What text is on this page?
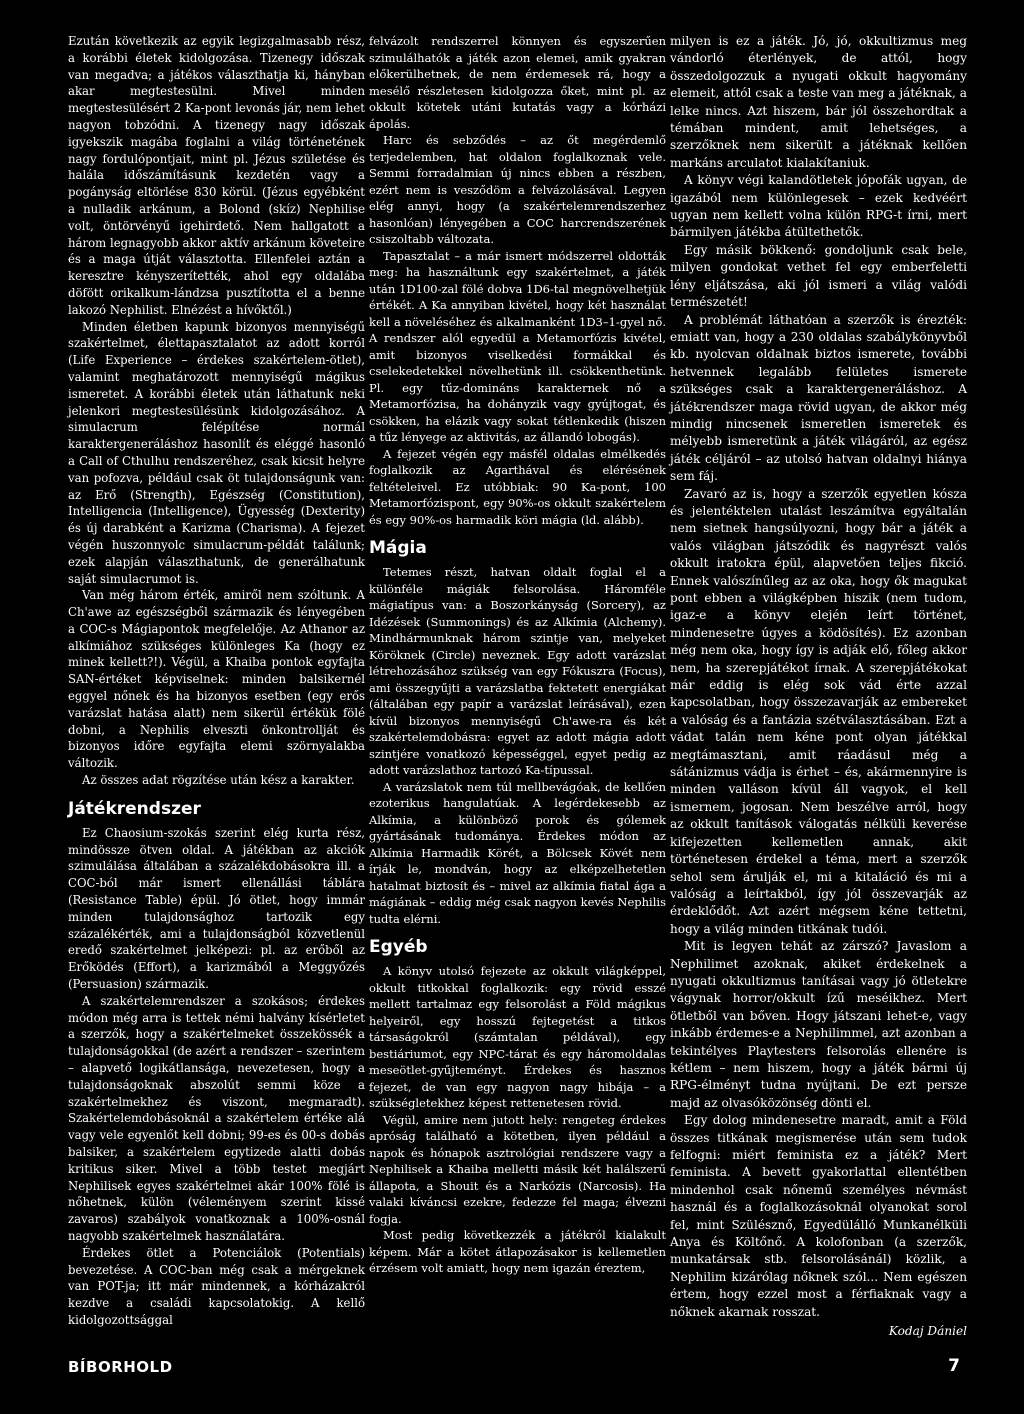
Ezután következik az egyik legizgalmasabb rész, a korábbi életek kidolgozása. Tizenegy időszak van megadva; a játékos választhatja ki, hányban akar megtestesülni. Mivel minden megtestesülésért 2 Ka-pont levonás jár, nem lehet nagyon tobzódni. A tizenegy nagy időszak igyekszik magába foglalni a világ történetének nagy fordulópontjait, mint pl. Jézus születése és halála időszámításunk kezdetén vagy a pogányság eltörlése 830 körül. (Jézus egyébként a nulladik arkánum, a Bolond (skíz) Nephilise volt, öntörvényű igehirdető. Nem hallgatott a három legnagyobb akkor aktív arkánum követeire és a maga útját választotta. Ellenfelei aztán a keresztre kényszerítették, ahol egy oldalába döfött orikalkum-lándzsa pusztította el a benne lakozó Nephilist. Elnézést a hívőktől.)

Minden életben kapunk bizonyos mennyiségű szakértelmet, élettapasztalatot az adott korról (Life Experience – érdekes szakértelem-ötlet), valamint meghatározott mennyiségű mágikus ismeretet. A korábbi életek után láthatunk neki jelenkori megtestesülésünk kidolgozásához. A simulacrum felépítése normál karaktergeneráláshoz hasonlít és eléggé hasonló a Call of Cthulhu rendszeréhez, csak kicsit helyre van pofozva, például csak öt tulajdonságunk van: az Erő (Strength), Egészség (Constitution), Intelligencia (Intelligence), Ügyesség (Dexterity) és új darabként a Karizma (Charisma). A fejezet végén huszonnyolc simulacrum-példát találunk; ezek alapján választhatunk, de generálhatunk saját simulacrumot is.

Van még három érték, amiről nem szóltunk. A Ch'awe az egészségből származik és lényegében a COC-s Mágiapontok megfelelője. Az Athanor az alkímiához szükséges különleges Ka (hogy ez minek kellett?!). Végül, a Khaiba pontok egyfajta SAN-értéket képviselnek: minden balsikernél eggyel nőnek és ha bizonyos esetben (egy erős varázslat hatása alatt) nem sikerül értékük fölé dobni, a Nephilis elveszti önkontrollját és bizonyos időre egyfajta elemi szörnyalakba változik.

Az összes adat rögzítése után kész a karakter.

Játékrendszer

Ez Chaosium-szokás szerint elég kurta rész, mindössze ötven oldal. A játékban az akciók szimulálása általában a százalékdobásokra ill. a COC-ból már ismert ellenállási táblára (Resistance Table) épül. Jó ötlet, hogy immár minden tulajdonsághoz tartozik egy százalékérték, ami a tulajdonságból közvetlenül eredő szakértelmet jelképezi: pl. az erőből az Erőködés (Effort), a karizmából a Meggyőzés (Persuasion) származik.

A szakértelemrendszer a szokásos; érdekes módon még arra is tettek némi halvány kísérletet a szerzők, hogy a szakértelmeket összekössék a tulajdonságokkal (de azért a rendszer – szerintem – alapvető logikátlansága, nevezetesen, hogy a tulajdonságoknak abszolút semmi köze a szakértelmekhez és viszont, megmaradt). Szakértelemdobásoknál a szakértelem értéke alá vagy vele egyenlőt kell dobni; 99-es és 00-s dobás balsiker, a szakértelem egytizede alatti dobás kritikus siker. Mivel a több testet megjárt Nephilisek egyes szakértelmei akár 100% fölé is nőhetnek, külön (véleményem szerint kissé zavaros) szabályok vonatkoznak a 100%-osnál nagyobb szakértelmek használatára.

Érdekes ötlet a Potenciálok (Potentials) bevezetése. A COC-ban még csak a mérgeknek van POT-ja; itt már mindennek, a kórházakról kezdve a családi kapcsolatokig. A kellő kidolgozottsággal

felvázolt rendszerrel könnyen és egyszerűen szimulálhatók a játék azon elemei, amik gyakran előkerülhetnek, de nem érdemesek rá, hogy a mesélő részletesen kidolgozza őket, mint pl. az okkult kötetek utáni kutatás vagy a kórházi ápolás.

Harc és sebződés – az őt megérdemlő terjedelemben, hat oldalon foglalkoznak vele. Semmi forradalmian új nincs ebben a részben, ezért nem is vesződöm a felvázolásával. Legyen elég annyi, hogy (a szakértelemrendszerhez hasonlóan) lényegében a COC harcrendszerének csiszoltabb változata.

Tapasztalat – a már ismert módszerrel oldották meg: ha használtunk egy szakértelmet, a játék után 1D100-zal fölé dobva 1D6-tal megnövelhetjük értékét. A Ka annyiban kivétel, hogy két használat kell a növeléséhez és alkalmanként 1D3–1-gyel nő. A rendszer alól egyedül a Metamorfózis kivétel, amit bizonyos viselkedési formákkal és cselekedetekkel növelhetünk ill. csökkenthetünk. Pl. egy tűz-domináns karakternek nő a Metamorfózisa, ha dohányzik vagy gyújtogat, és csökken, ha elázik vagy sokat tétlenkedik (hiszen a tűz lényege az aktivitás, az állandó lobogás).

A fejezet végén egy másfél oldalas elmélkedés foglalkozik az Agarthával és elérésének feltételeivel. Ez utóbbiak: 90 Ka-pont, 100 Metamorfózispont, egy 90%-os okkult szakértelem és egy 90%-os harmadik köri mágia (ld. alább).

Mágia

Tetemes részt, hatvan oldalt foglal el a különféle mágiák felsorolása. Háromféle mágiatípus van: a Boszorkányság (Sorcery), az Idézések (Summonings) és az Alkímia (Alchemy). Mindhármunknak három szintje van, melyeket Köröknek (Circle) neveznek. Egy adott varázslat létrehozásához szükség van egy Fókuszra (Focus), ami összegyűjti a varázslatba fektetett energiákat (általában egy papír a varázslat leírásával), ezen kívül bizonyos mennyiségű Ch'awe-ra és két szakértelemdobásra: egyet az adott mágia adott szintjére vonatkozó képességgel, egyet pedig az adott varázslathoz tartozó Ka-típussal.

A varázslatok nem túl mellbevágóak, de kellően ezoterikus hangulatúak. A legérdekesebb az Alkímia, a különböző porok és gólemek gyártásának tudománya. Érdekes módon az Alkímia Harmadik Körét, a Bölcsek Kövét nem írják le, mondván, hogy az elképzelhetetlen hatalmat biztosít és – mivel az alkímia fiatal ága a mágiának – eddig még csak nagyon kevés Nephilis tudta elérni.

Egyéb

A könyv utolsó fejezete az okkult világképpel, okkult titkokkal foglalkozik: egy rövid esszé mellett tartalmaz egy felsorolást a Föld mágikus helyeiről, egy hosszú fejtegetést a titkos társaságokról (számtalan példával), egy bestiáriumot, egy NPC-tárat és egy háromoldalas meseötlet-gyűjteményt. Érdekes és hasznos fejezet, de van egy nagyon nagy hibája – a szükségletekhez képest rettenetesen rövid.

Végül, amire nem jutott hely: rengeteg érdekes apróság található a kötetben, ilyen például a napok és hónapok asztrológiai rendszere vagy a Nephilisek a Khaiba melletti másik két halálszerű állapota, a Shouit és a Narkózis (Narcosis). Ha valaki kíváncsi ezekre, fedezze fel maga; élvezni fogja.

Most pedig következzék a játékról kialakult képem. Már a kötet átlapozásakor is kellemetlen érzésem volt amiatt, hogy nem igazán éreztem,

milyen is ez a játék. Jó, jó, okkultizmus meg vándorló éterlények, de attól, hogy összedolgozzuk a nyugati okkult hagyomány elemeit, attól csak a teste van meg a játéknak, a lelke nincs. Azt hiszem, bár jól összehordtak a témában mindent, amit lehetséges, a szerzőknek nem sikerült a játéknak kellően markáns arculatot kialakítaniuk.

A könyv végi kalandötletek jópofák ugyan, de igazából nem különlegesek – ezek kedvéért ugyan nem kellett volna külön RPG-t írni, mert bármilyen játékba átültethetők.

Egy másik bökkenő: gondoljunk csak bele, milyen gondokat vethet fel egy emberfeletti lény eljátszása, aki jól ismeri a világ valódi természetét!

A problémát láthatóan a szerzők is érezték: emiatt van, hogy a 230 oldalas szabálykönyvből kb. nyolcvan oldalnak biztos ismerete, további hetvennek legalább felületes ismerete szükséges csak a karaktergeneráláshoz. A játékrendszer maga rövid ugyan, de akkor még mindig nincsenek ismeretlen ismeretek és mélyebb ismeretünk a játék világáról, az egész játék céljáról – az utolsó hatvan oldalnyi hiánya sem fáj.

Zavaró az is, hogy a szerzők egyetlen kósza és jelentéktelen utalást leszámítva egyáltalán nem sietnek hangsúlyozni, hogy bár a játék a valós világban játszódik és nagyrészt valós okkult iratokra épül, alapvetően teljes fikció. Ennek valószínűleg az az oka, hogy ők magukat pont ebben a világképben hiszik (nem tudom, igaz-e a könyv elején leírt történet, mindenesetre úgyes a ködösítés). Ez azonban még nem oka, hogy így is adják elő, főleg akkor nem, ha szerepjátékot írnak. A szerepjátékokat már eddig is elég sok vád érte azzal kapcsolatban, hogy összezavarják az embereket a valóság és a fantázia szétválasztásában. Ezt a vádat talán nem kéne pont olyan játékkal megtámasztani, amit ráadásul még a sátánizmus vádja is érhet – és, akármennyire is minden valláson kívül áll vagyok, el kell ismernem, jogosan. Nem beszélve arról, hogy az okkult tanítások válogatás nélküli keverése kifejezetten kellemetlen annak, akit történetesen érdekel a téma, mert a szerzők sehol sem árulják el, mi a kitaláció és mi a valóság a leírtakból, így jól összevarják az érdeklődőt. Azt azért mégsem kéne tettetni, hogy a világ minden titkának tudói.

Mit is legyen tehát az zárszó? Javaslom a Nephilimet azoknak, akiket érdekelnek a nyugati okkultizmus tanításai vagy jó ötletekre vágynak horror/okkult ízű meséikhez. Mert ötletből van bőven. Hogy játszani lehet-e, vagy inkább érdemes-e a Nephilimmel, azt azonban a tekintélyes Playtesters felsorolás ellenére is kétlem – nem hiszem, hogy a játék bármi új RPG-élményt tudna nyújtani. De ezt persze majd az olvasóközönség dönti el.

Egy dolog mindenesetre maradt, amit a Föld összes titkának megismerése után sem tudok felfogni: miért feminista ez a játék? Mert feminista. A bevett gyakorlattal ellentétben mindenhol csak nőnemű személyes névmást használ és a foglalkozásoknál olyanokat sorol fel, mint Szülésznő, Egyedülálló Munkanélküli Anya és Költőnő. A kolofonban (a szerzők, munkatársak stb. felsorolásánál) közlik, a Nephilim kizárólag nőknek szól... Nem egészen értem, hogy ezzel most a férfiaknak vagy a nőknek akarnak rosszat.

Kodaj Dániel

BÍBORHOLD	7
